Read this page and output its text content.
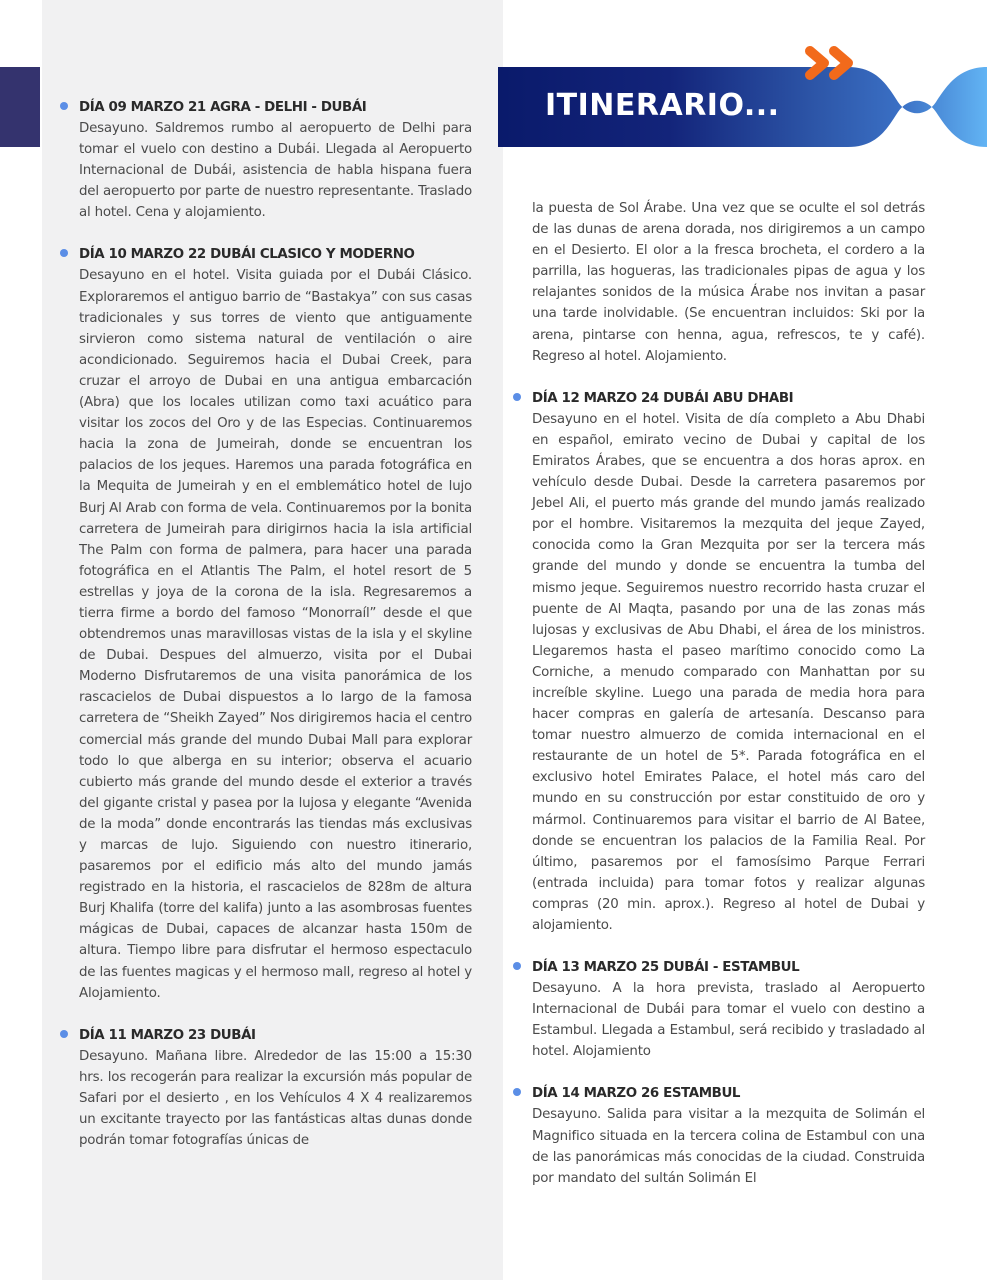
ITINERARIO...
DÍA 09 MARZO 21 AGRA - DELHI - DUBÁI
Desayuno. Saldremos rumbo al aeropuerto de Delhi para tomar el vuelo con destino a Dubái. Llegada al Aeropuerto Internacional de Dubái, asistencia de habla hispana fuera del aeropuerto por parte de nuestro representante. Traslado al hotel. Cena y alojamiento.
DÍA 10 MARZO 22 DUBÁI CLASICO Y MODERNO
Desayuno en el hotel. Visita guiada por el Dubái Clásico. Exploraremos el antiguo barrio de “Bastakya” con sus casas tradicionales y sus torres de viento que antiguamente sirvieron como sistema natural de ventilación o aire acondicionado. Seguiremos hacia el Dubai Creek, para cruzar el arroyo de Dubai en una antigua embarcación (Abra) que los locales utilizan como taxi acuático para visitar los zocos del Oro y de las Especias. Continuaremos hacia la zona de Jumeirah, donde se encuentran los palacios de los jeques. Haremos una parada fotográfica en la Mequita de Jumeirah y en el emblemático hotel de lujo Burj Al Arab con forma de vela. Continuaremos por la bonita carretera de Jumeirah para dirigirnos hacia la isla artificial The Palm con forma de palmera, para hacer una parada fotográfica en el Atlantis The Palm, el hotel resort de 5 estrellas y joya de la corona de la isla. Regresaremos a tierra firme a bordo del famoso “Monorraíl” desde el que obtendremos unas maravillosas vistas de la isla y el skyline de Dubai. Despues del almuerzo, visita por el Dubai Moderno Disfrutaremos de una visita panorámica de los rascacielos de Dubai dispuestos a lo largo de la famosa carretera de “Sheikh Zayed” Nos dirigiremos hacia el centro comercial más grande del mundo Dubai Mall para explorar todo lo que alberga en su interior; observa el acuario cubierto más grande del mundo desde el exterior a través del gigante cristal y pasea por la lujosa y elegante “Avenida de la moda” donde encontrarás las tiendas más exclusivas y marcas de lujo. Siguiendo con nuestro itinerario, pasaremos por el edificio más alto del mundo jamás registrado en la historia, el rascacielos de 828m de altura Burj Khalifa (torre del kalifa) junto a las asombrosas fuentes mágicas de Dubai, capaces de alcanzar hasta 150m de altura. Tiempo libre para disfrutar el hermoso espectaculo de las fuentes magicas y el hermoso mall, regreso al hotel y Alojamiento.
DÍA 11 MARZO 23 DUBÁI
Desayuno. Mañana libre. Alrededor de las 15:00 a 15:30 hrs. los recogerán para realizar la excursión más popular de Safari por el desierto , en los Vehículos 4 X 4 realizaremos un excitante trayecto por las fantásticas altas dunas donde podrán tomar fotografías únicas de
la puesta de Sol Árabe. Una vez que se oculte el sol detrás de las dunas de arena dorada, nos dirigiremos a un campo en el Desierto. El olor a la fresca brocheta, el cordero a la parrilla, las hogueras, las tradicionales pipas de agua y los relajantes sonidos de la música Árabe nos invitan a pasar una tarde inolvidable. (Se encuentran incluidos: Ski por la arena, pintarse con henna, agua, refrescos, te y café). Regreso al hotel. Alojamiento.
DÍA 12 MARZO 24 DUBÁI ABU DHABI
Desayuno en el hotel. Visita de día completo a Abu Dhabi en español, emirato vecino de Dubai y capital de los Emiratos Árabes, que se encuentra a dos horas aprox. en vehículo desde Dubai. Desde la carretera pasaremos por Jebel Ali, el puerto más grande del mundo jamás realizado por el hombre. Visitaremos la mezquita del jeque Zayed, conocida como la Gran Mezquita por ser la tercera más grande del mundo y donde se encuentra la tumba del mismo jeque. Seguiremos nuestro recorrido hasta cruzar el puente de Al Maqta, pasando por una de las zonas más lujosas y exclusivas de Abu Dhabi, el área de los ministros. Llegaremos hasta el paseo marítimo conocido como La Corniche, a menudo comparado con Manhattan por su increíble skyline. Luego una parada de media hora para hacer compras en galería de artesanía. Descanso para tomar nuestro almuerzo de comida internacional en el restaurante de un hotel de 5*. Parada fotográfica en el exclusivo hotel Emirates Palace, el hotel más caro del mundo en su construcción por estar constituido de oro y mármol. Continuaremos para visitar el barrio de Al Batee, donde se encuentran los palacios de la Familia Real. Por último, pasaremos por el famosísimo Parque Ferrari (entrada incluida) para tomar fotos y realizar algunas compras (20 min. aprox.). Regreso al hotel de Dubai y alojamiento.
DÍA 13 MARZO 25 DUBÁI - ESTAMBUL
Desayuno. A la hora prevista, traslado al Aeropuerto Internacional de Dubái para tomar el vuelo con destino a Estambul. Llegada a Estambul, será recibido y trasladado al hotel. Alojamiento
DÍA 14 MARZO 26 ESTAMBUL
Desayuno. Salida para visitar a la mezquita de Solimán el Magnifico situada en la tercera colina de Estambul con una de las panorámicas más conocidas de la ciudad. Construida por mandato del sultán Solimán El
